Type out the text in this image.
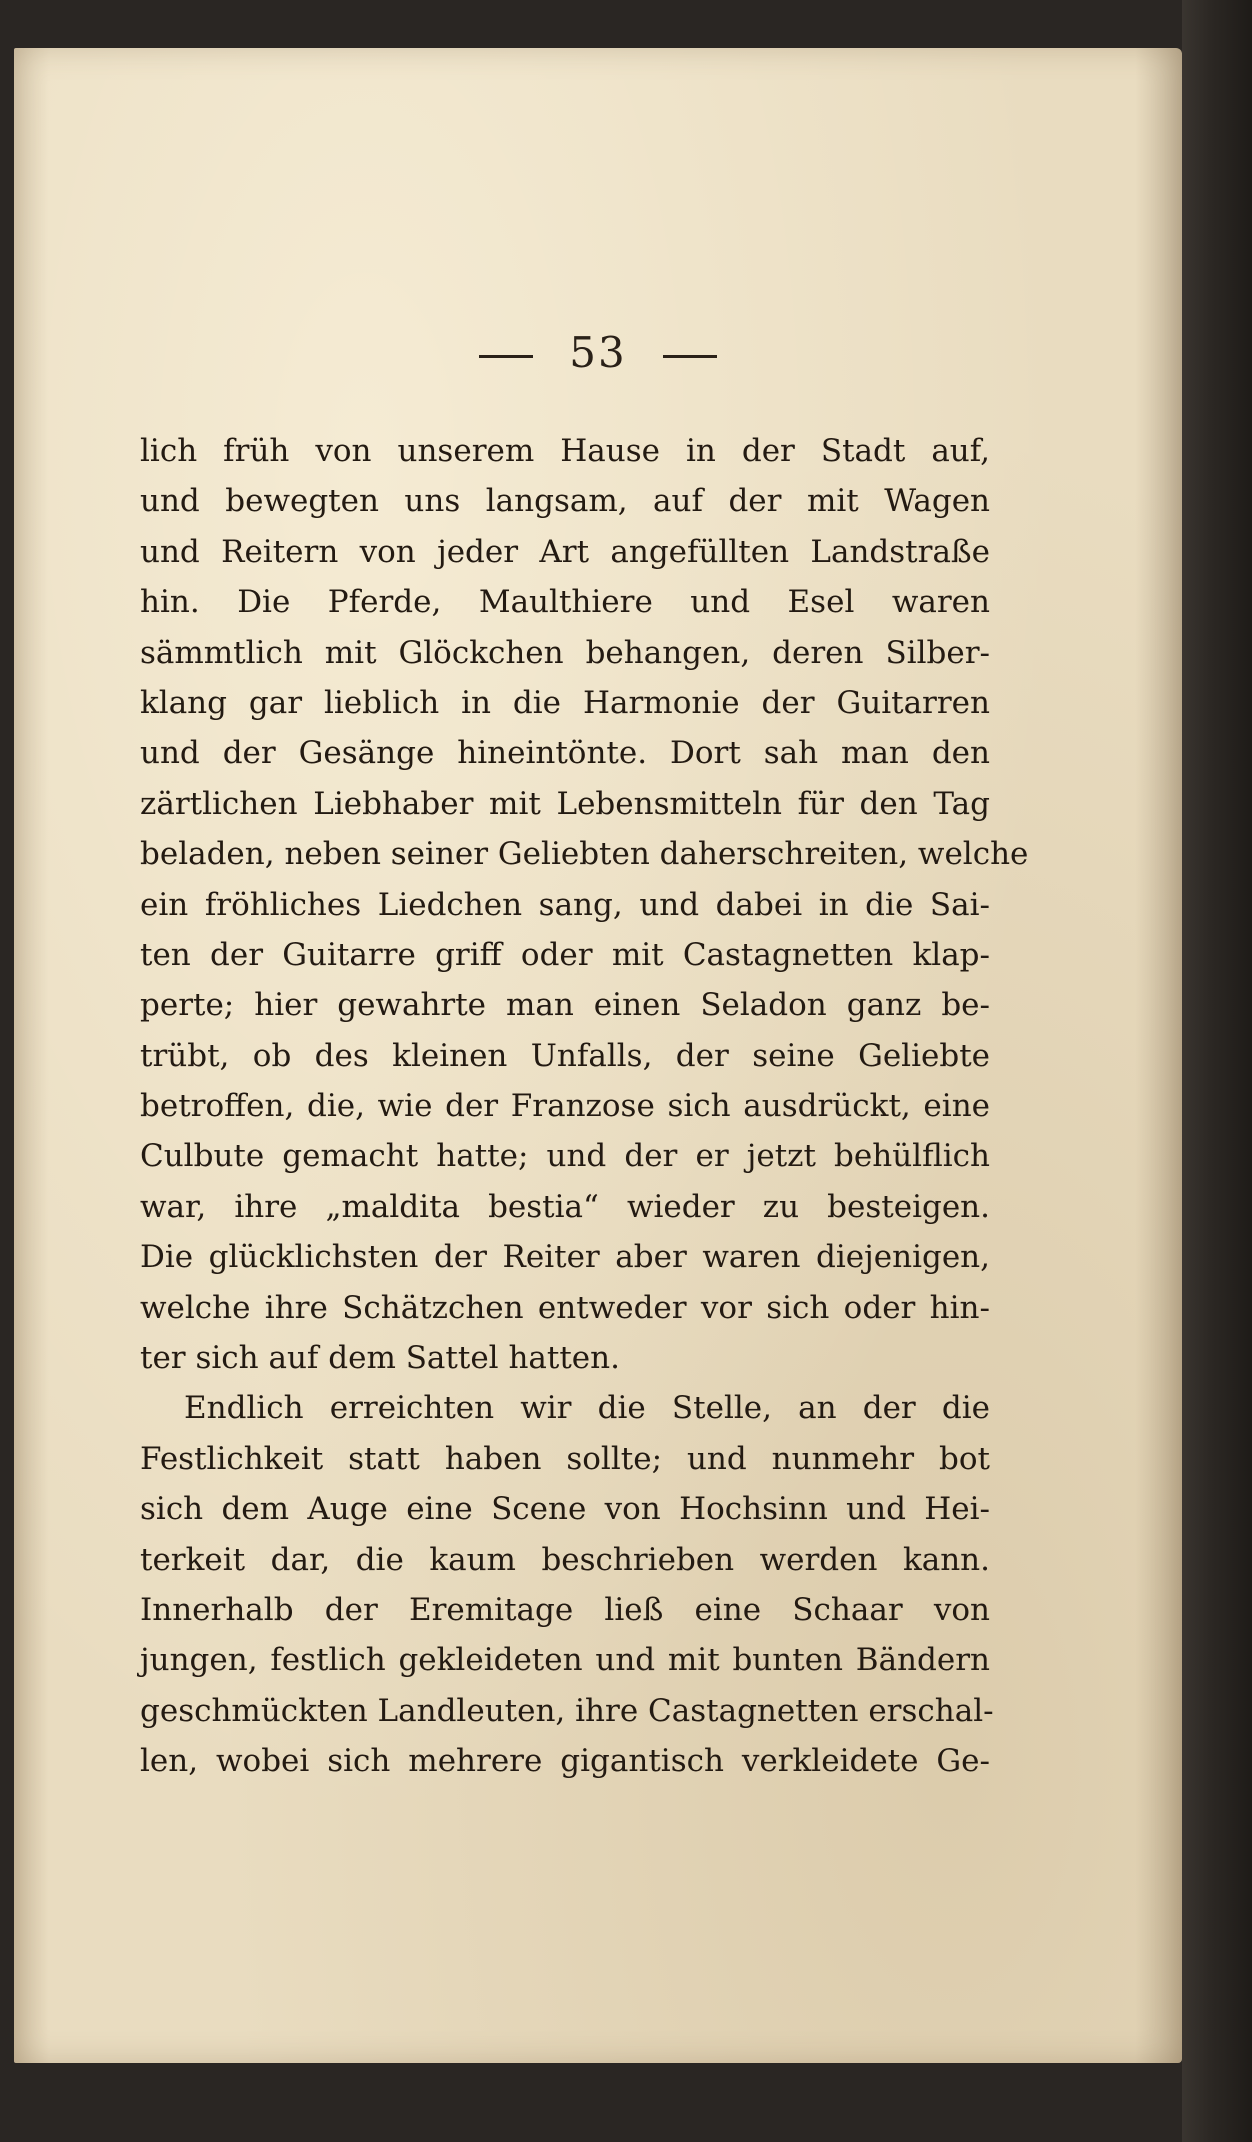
53
lich früh von unserem Hause in der Stadt auf,
und bewegten uns langsam, auf der mit Wagen
und Reitern von jeder Art angefüllten Landstraße
hin. Die Pferde, Maulthiere und Esel waren
sämmtlich mit Glöckchen behangen, deren Silber-
klang gar lieblich in die Harmonie der Guitarren
und der Gesänge hineintönte. Dort sah man den
zärtlichen Liebhaber mit Lebensmitteln für den Tag
beladen, neben seiner Geliebten daherschreiten, welche
ein fröhliches Liedchen sang, und dabei in die Sai-
ten der Guitarre griff oder mit Castagnetten klap-
perte; hier gewahrte man einen Seladon ganz be-
trübt, ob des kleinen Unfalls, der seine Geliebte
betroffen, die, wie der Franzose sich ausdrückt, eine
Culbute gemacht hatte; und der er jetzt behülflich
war, ihre „maldita bestia“ wieder zu besteigen.
Die glücklichsten der Reiter aber waren diejenigen,
welche ihre Schätzchen entweder vor sich oder hin-
ter sich auf dem Sattel hatten.
Endlich erreichten wir die Stelle, an der die
Festlichkeit statt haben sollte; und nunmehr bot
sich dem Auge eine Scene von Hochsinn und Hei-
terkeit dar, die kaum beschrieben werden kann.
Innerhalb der Eremitage ließ eine Schaar von
jungen, festlich gekleideten und mit bunten Bändern
geschmückten Landleuten, ihre Castagnetten erschal-
len, wobei sich mehrere gigantisch verkleidete Ge-
